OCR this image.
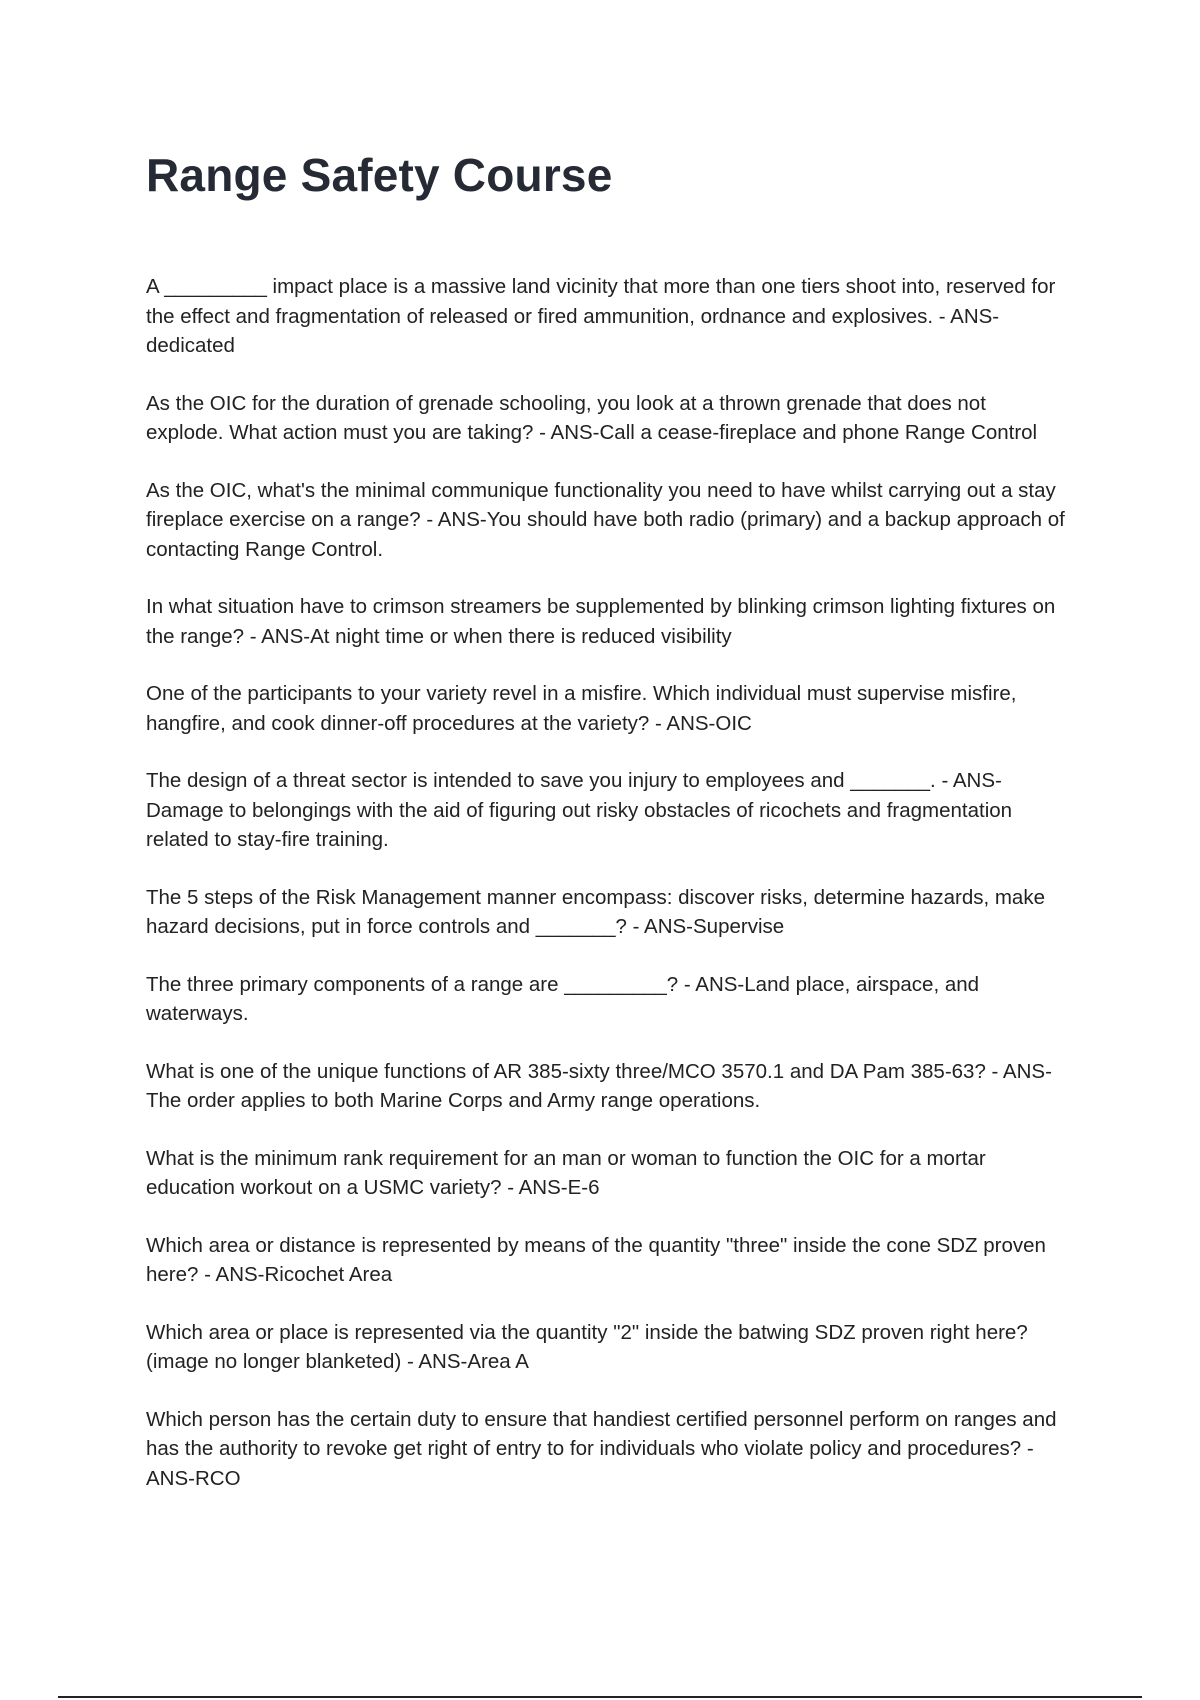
Range Safety Course

A _________ impact place is a massive land vicinity that more than one tiers shoot into, reserved for the effect and fragmentation of released or fired ammunition, ordnance and explosives. - ANS-dedicated

As the OIC for the duration of grenade schooling, you look at a thrown grenade that does not explode. What action must you are taking? - ANS-Call a cease-fireplace and phone Range Control

As the OIC, what's the minimal communique functionality you need to have whilst carrying out a stay fireplace exercise on a range? - ANS-You should have both radio (primary) and a backup approach of contacting Range Control.

In what situation have to crimson streamers be supplemented by blinking crimson lighting fixtures on the range? - ANS-At night time or when there is reduced visibility

One of the participants to your variety revel in a misfire. Which individual must supervise misfire, hangfire, and cook dinner-off procedures at the variety? - ANS-OIC

The design of a threat sector is intended to save you injury to employees and _______. - ANS-Damage to belongings with the aid of figuring out risky obstacles of ricochets and fragmentation related to stay-fire training.

The 5 steps of the Risk Management manner encompass: discover risks, determine hazards, make hazard decisions, put in force controls and _______? - ANS-Supervise

The three primary components of a range are _________? - ANS-Land place, airspace, and waterways.

What is one of the unique functions of AR 385-sixty three/MCO 3570.1 and DA Pam 385-63? - ANS-The order applies to both Marine Corps and Army range operations.

What is the minimum rank requirement for an man or woman to function the OIC for a mortar education workout on a USMC variety? - ANS-E-6

Which area or distance is represented by means of the quantity "three" inside the cone SDZ proven here? - ANS-Ricochet Area

Which area or place is represented via the quantity "2" inside the batwing SDZ proven right here? (image no longer blanketed) - ANS-Area A

Which person has the certain duty to ensure that handiest certified personnel perform on ranges and has the authority to revoke get right of entry to for individuals who violate policy and procedures? - ANS-RCO
